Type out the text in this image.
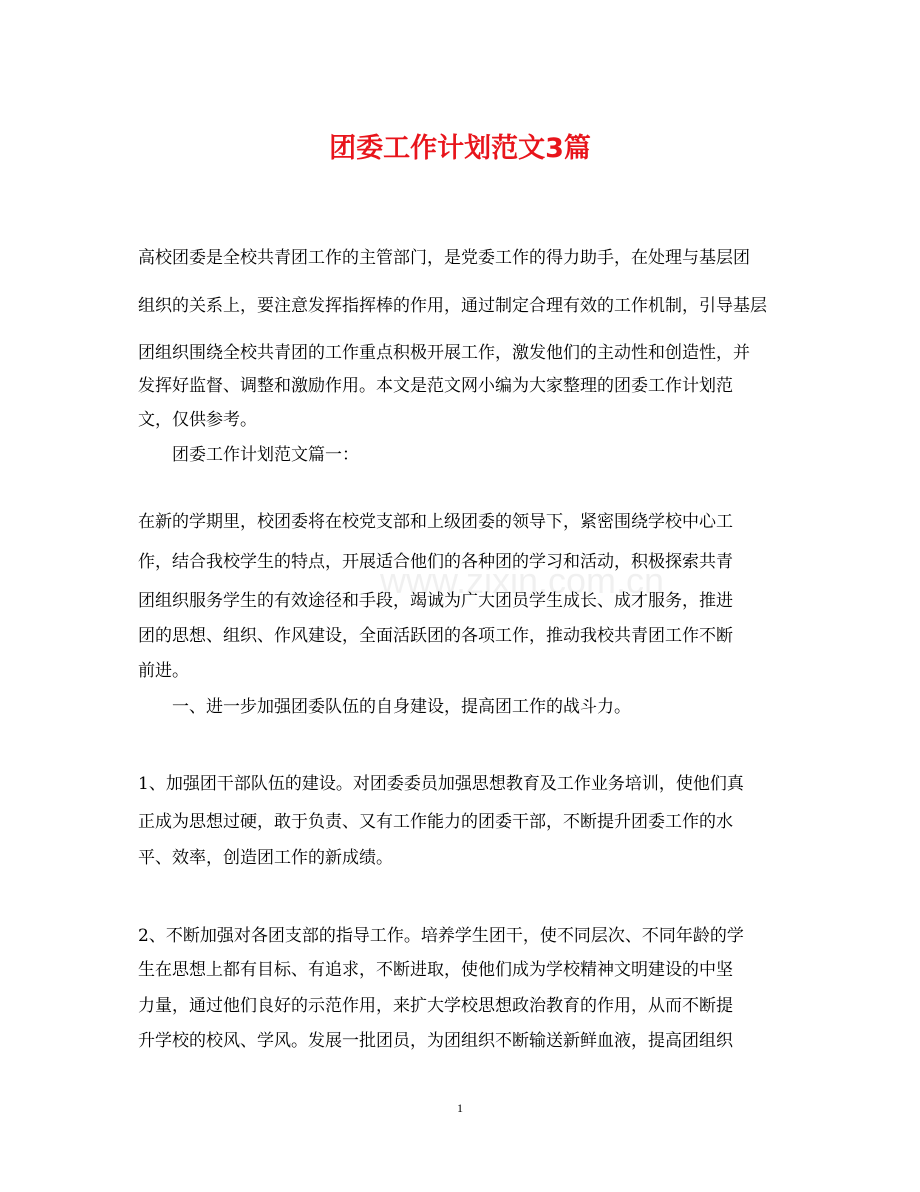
团委工作计划范文3篇
www.zixin.com.cn
高校团委是全校共青团工作的主管部门，是党委工作的得力助手，在处理与基层团
组织的关系上，要注意发挥指挥棒的作用，通过制定合理有效的工作机制，引导基层
团组织围绕全校共青团的工作重点积极开展工作，激发他们的主动性和创造性，并
发挥好监督、调整和激励作用。本文是范文网小编为大家整理的团委工作计划范
文，仅供参考。
团委工作计划范文篇一：
在新的学期里，校团委将在校党支部和上级团委的领导下，紧密围绕学校中心工
作，结合我校学生的特点，开展适合他们的各种团的学习和活动，积极探索共青
团组织服务学生的有效途径和手段，竭诚为广大团员学生成长、成才服务，推进
团的思想、组织、作风建设，全面活跃团的各项工作，推动我校共青团工作不断
前进。
一、进一步加强团委队伍的自身建设，提高团工作的战斗力。
1、加强团干部队伍的建设。对团委委员加强思想教育及工作业务培训，使他们真
正成为思想过硬，敢于负责、又有工作能力的团委干部，不断提升团委工作的水
平、效率，创造团工作的新成绩。
2、不断加强对各团支部的指导工作。培养学生团干，使不同层次、不同年龄的学
生在思想上都有目标、有追求，不断进取，使他们成为学校精神文明建设的中坚
力量，通过他们良好的示范作用，来扩大学校思想政治教育的作用，从而不断提
升学校的校风、学风。发展一批团员，为团组织不断输送新鲜血液，提高团组织
1
